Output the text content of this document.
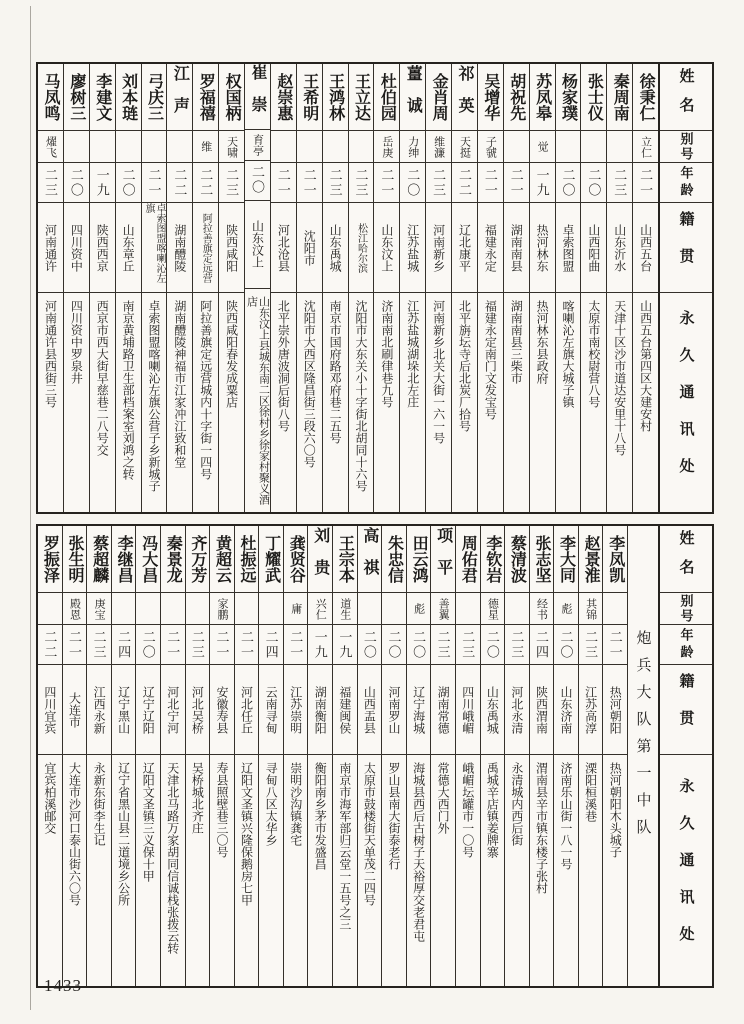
姓名
别号
年龄
籍贯
永久通讯处
徐秉仁
立仁
二一
山西五台
山西五台第四区大建安村
秦周南
二三
山东沂水
天津十区沙市道达安里十八号
张士仪
二〇
山西阳曲
太原市南校尉营八号
杨家璞
二〇
卓索图盟
喀喇沁左旗大城子镇
苏凤皋
觉
一九
热河林东
热河林东县政府
胡祝先
二一
湖南南县
湖南南县三柴市
吴增华
子虢
二一
福建永定
福建永定南门文发宝号
祁英
天挺
二二
辽北康平
北平旃坛寺后北炭厂拾号
金肖周
维濂
二三
河南新乡
河南新乡北关大街一六一号
薑诚
力绅
二〇
江苏盐城
江苏盐城湖垛北左庄
杜伯园
岳庚
二一
山东汶上
济南南北刷律巷九号
王立达
二三
松江哈尔滨
沈阳市大东关小十字街北胡同十六号
王鸿林
二三
山东禹城
南京市国府路邓府巷二五号
王希明
二一
沈阳市
沈阳市大西区隆昌街三段六〇号
赵崇惠
二一
河北沧县
北平崇外唐波洞后街八号
崔崇
育亭
二〇
山东汶上
山东汶上县城东南二区徐村乡徐家村聚义酒店
权国柄
天啸
二三
陕西咸阳
陕西咸阳春发成粟店
罗福禧
维
二二
阿拉善旗定远营
阿拉善旗定远营城内十字街一四号
江声
二二
湖南醴陵
湖南醴陵神福市江家冲江致和堂
弓庆三
二一
卓索图盟喀喇沁左旗
卓索图盟喀喇沁左旗公营子乡新城子
刘本琏
二〇
山东章丘
南京黄埔路卫生部档案室刘鸿之转
李建文
一九
陕西西京
西京市西大街早慈巷二八号交
廖树三
二〇
四川资中
四川资中罗泉井
马凤鸣
燿飞
二三
河南通许
河南通许县西街三号
姓名
别号
年龄
籍贯
永久通讯处
炮兵大队第一中队
李凤凯
二一
热河朝阳
热河朝阳木头城子
赵景淮
其锦
二三
江苏高淳
溧阳桓溪巷
李大同
彪
二〇
山东济南
济南乐山街一八一号
张志坚
经书
二四
陕西渭南
渭南县辛市镇东楼子张村
蔡清波
二三
河北永清
永清城内西后街
李钦岩
德星
二〇
山东禹城
禹城辛店镇姜牌寨
周佑君
二三
四川峨嵋
峨嵋坛罐市一〇号
项平
善翼
二三
湖南常德
常德大西门外
田云鸿
彪
二〇
辽宁海城
海城县西后古树子天裕厚交老君屯
朱忠信
二〇
河南罗山
罗山县南大街泰老行
高祺
二〇
山西盂县
太原市鼓楼街天单茂二四号
王宗本
道生
一九
福建闽侯
南京市海军部归云堂一五号之三
刘贵
兴仁
一九
湖南衡阳
衡阳南乡茅市发盛昌
龚贤谷
庸
二一
江苏崇明
崇明沙沟镇龚宅
丁耀武
二四
云南寻甸
寻甸八区太华乡
杜振远
二一
河北任丘
辽阳文圣镇兴隆保鹅房七甲
黄超云
家鹏
二一
安徽寿县
寿县照壁巷三〇号
齐万芳
二三
河北吴桥
吴桥城北齐庄
秦景龙
二一
河北宁河
天津北马路万家胡同信诚栈张拨云转
冯大昌
二〇
辽宁辽阳
辽阳文圣镇三义保十甲
李继昌
二四
辽宁黑山
辽宁省黑山县二道境乡公所
蔡超麟
庚宝
二三
江西永新
永新东街李生记
张生明
殿恩
二一
大连市
大连市沙河口泰山街六〇号
罗振泽
二二
四川宜宾
宜宾柏溪邮交
1433
